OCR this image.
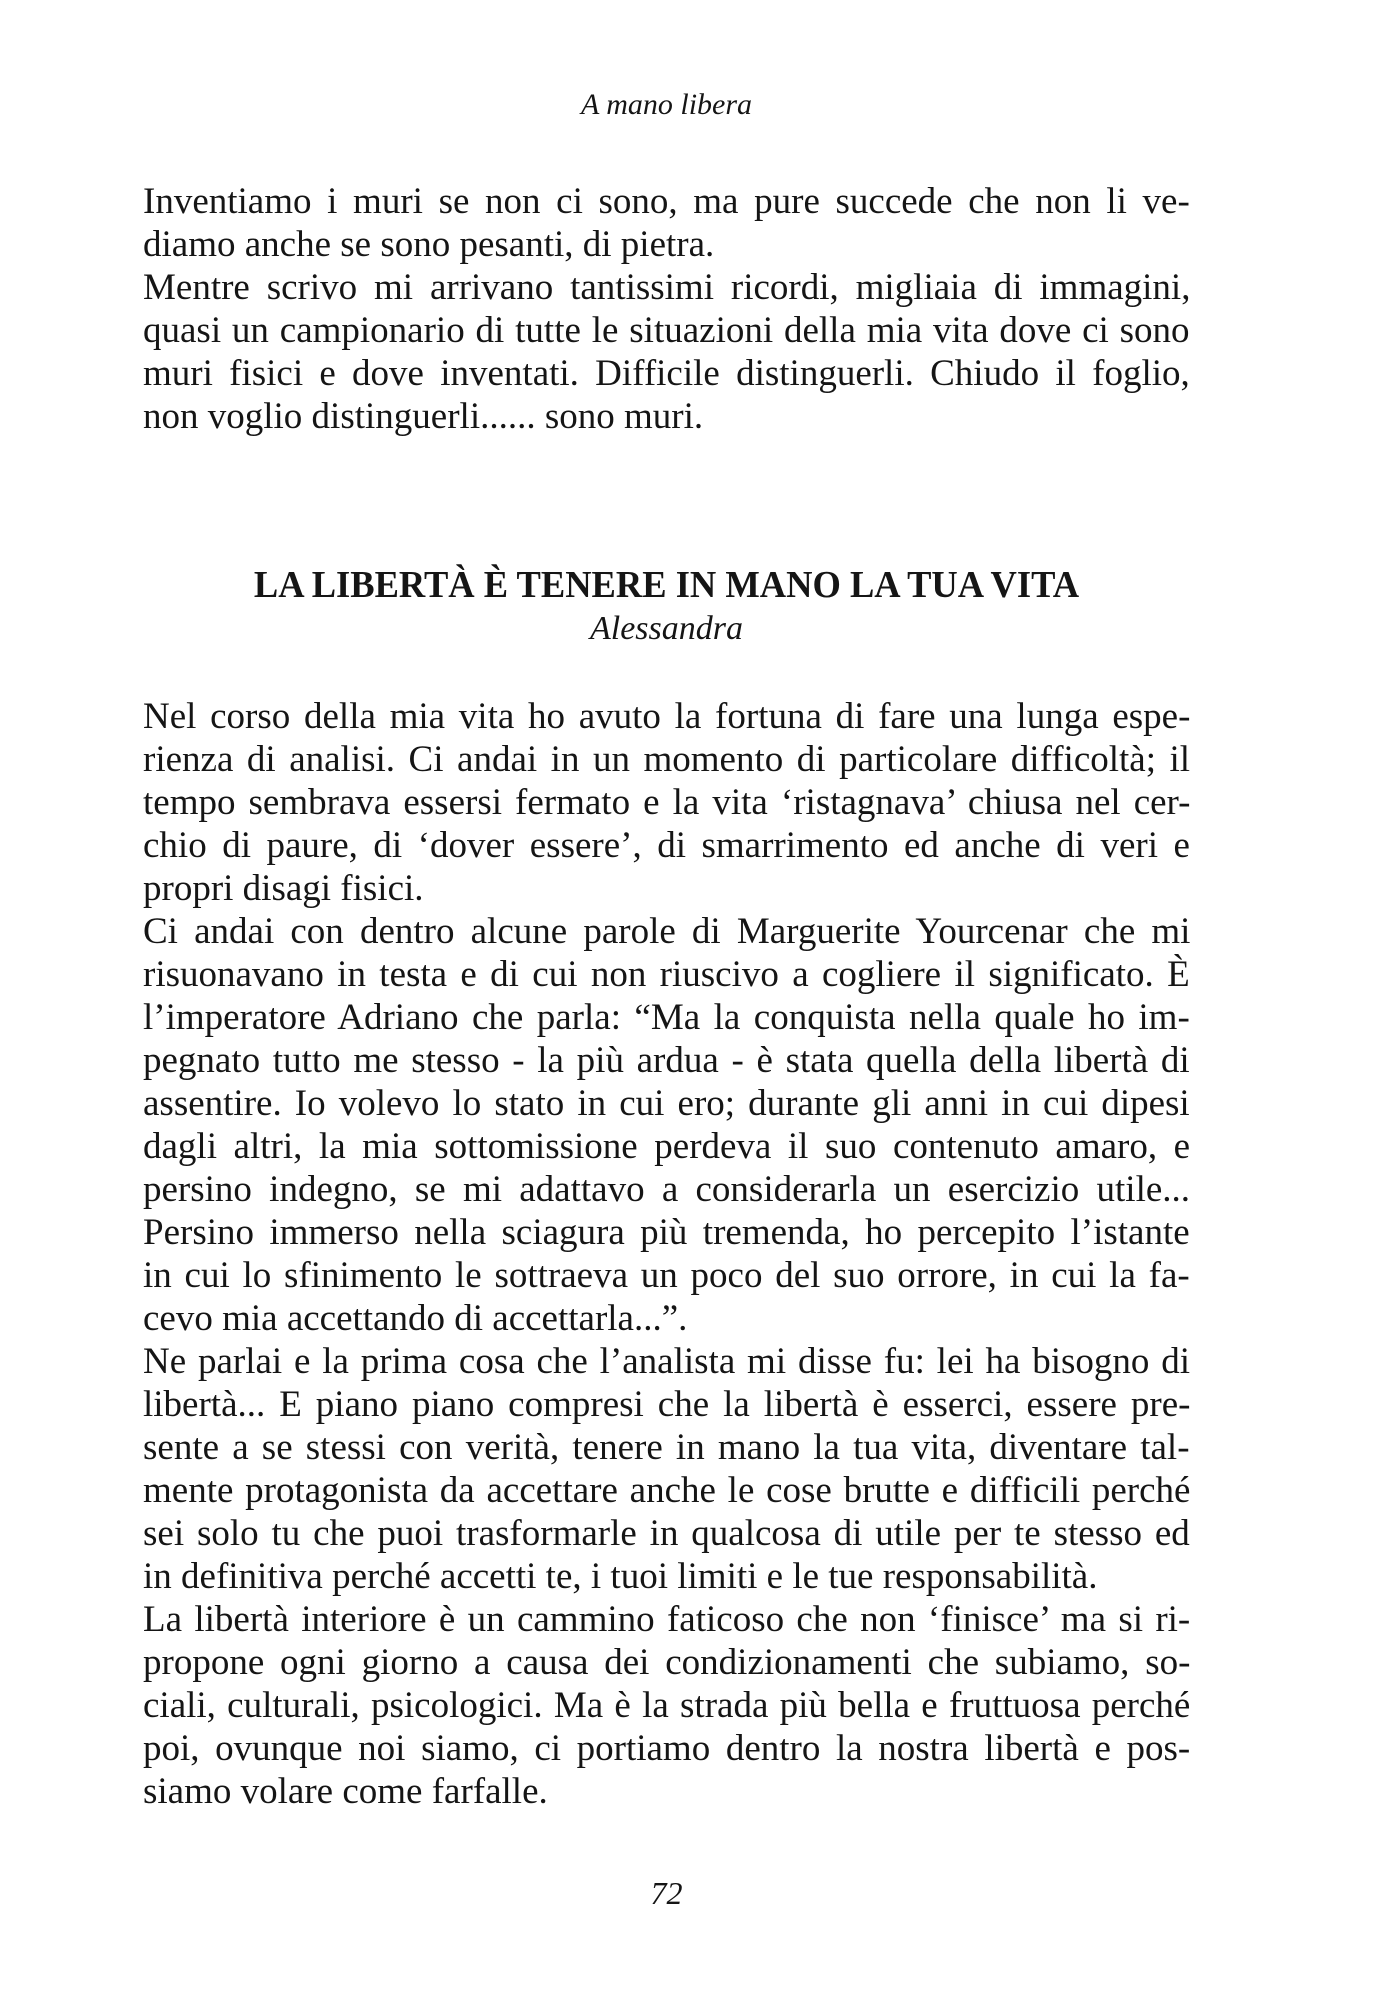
A mano libera
Inventiamo i muri se non ci sono, ma pure succede che non li ve-
diamo anche se sono pesanti, di pietra.
Mentre scrivo mi arrivano tantissimi ricordi, migliaia di immagini,
quasi un campionario di tutte le situazioni della mia vita dove ci sono
muri fisici e dove inventati. Difficile distinguerli. Chiudo il foglio,
non voglio distinguerli...... sono muri.
LA LIBERTÀ È TENERE IN MANO LA TUA VITA
Alessandra
Nel corso della mia vita ho avuto la fortuna di fare una lunga espe-
rienza di analisi. Ci andai in un momento di particolare difficoltà; il
tempo sembrava essersi fermato e la vita ‘ristagnava’ chiusa nel cer-
chio di paure, di ‘dover essere’, di smarrimento ed anche di veri e
propri disagi fisici.
Ci andai con dentro alcune parole di Marguerite Yourcenar che mi
risuonavano in testa e di cui non riuscivo a cogliere il significato. È
l’imperatore Adriano che parla: “Ma la conquista nella quale ho im-
pegnato tutto me stesso - la più ardua - è stata quella della libertà di
assentire. Io volevo lo stato in cui ero; durante gli anni in cui dipesi
dagli altri, la mia sottomissione perdeva il suo contenuto amaro, e
persino indegno, se mi adattavo a considerarla un esercizio utile...
Persino immerso nella sciagura più tremenda, ho percepito l’istante
in cui lo sfinimento le sottraeva un poco del suo orrore, in cui la fa-
cevo mia accettando di accettarla...”.
Ne parlai e la prima cosa che l’analista mi disse fu: lei ha bisogno di
libertà... E piano piano compresi che la libertà è esserci, essere pre-
sente a se stessi con verità, tenere in mano la tua vita, diventare tal-
mente protagonista da accettare anche le cose brutte e difficili perché
sei solo tu che puoi trasformarle in qualcosa di utile per te stesso ed
in definitiva perché accetti te, i tuoi limiti e le tue responsabilità.
La libertà interiore è un cammino faticoso che non ‘finisce’ ma si ri-
propone ogni giorno a causa dei condizionamenti che subiamo, so-
ciali, culturali, psicologici. Ma è la strada più bella e fruttuosa perché
poi, ovunque noi siamo, ci portiamo dentro la nostra libertà e pos-
siamo volare come farfalle.
72
